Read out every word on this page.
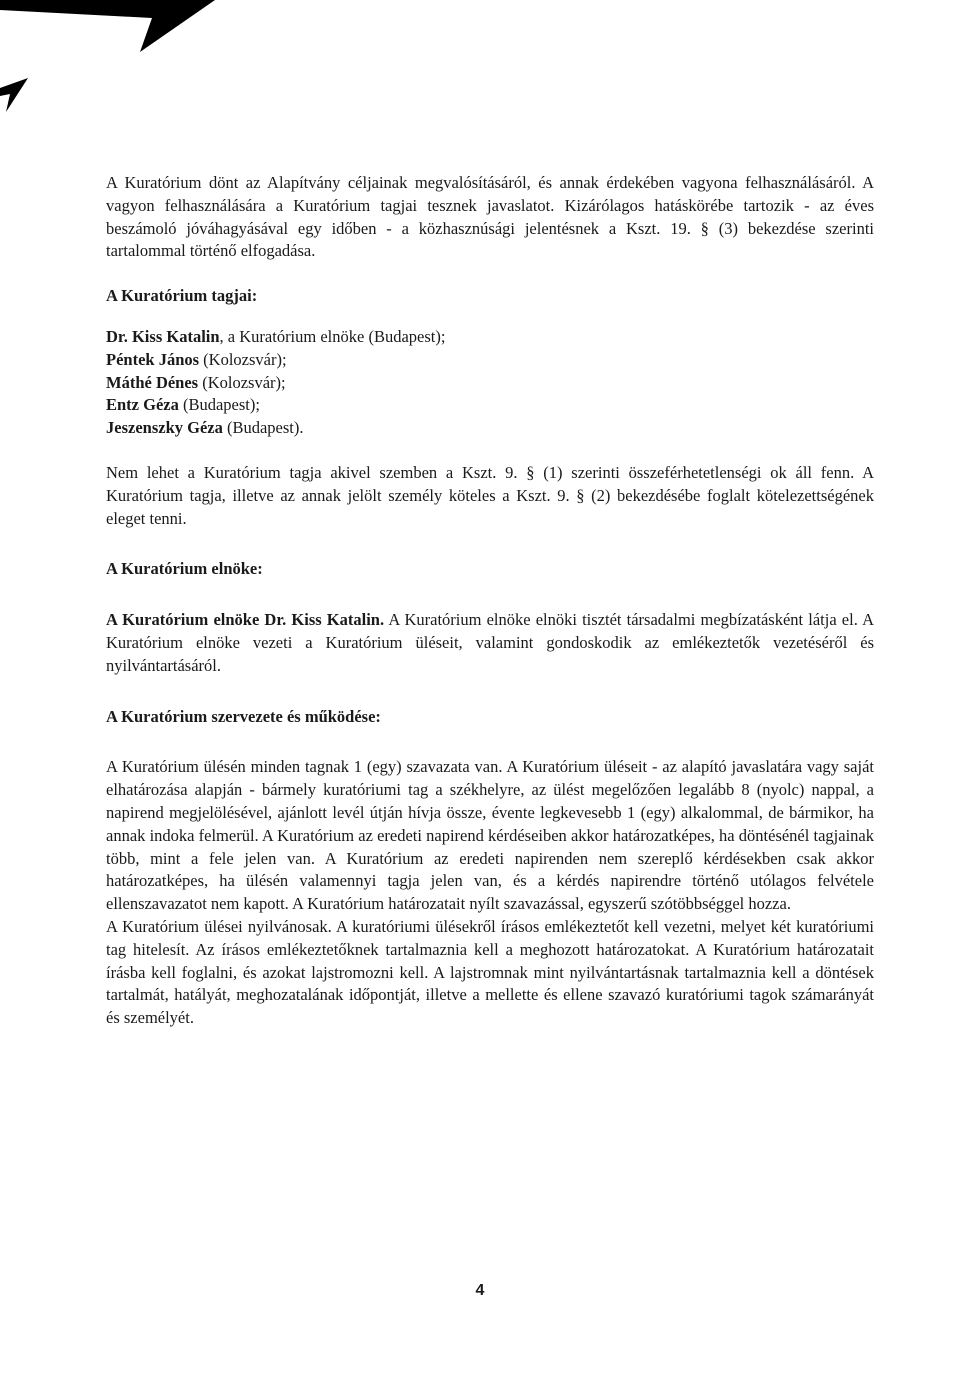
A Kuratórium dönt az Alapítvány céljainak megvalósításáról, és annak érdekében vagyona felhasználásáról. A vagyon felhasználására a Kuratórium tagjai tesznek javaslatot. Kizárólagos hatáskörébe tartozik - az éves beszámoló jóváhagyásával egy időben - a közhasznúsági jelentésnek a Kszt. 19. § (3) bekezdése szerinti tartalommal történő elfogadása.

A Kuratórium tagjai:

Dr. Kiss Katalin, a Kuratórium elnöke (Budapest);

Péntek János (Kolozsvár);

Máthé Dénes (Kolozsvár);

Entz Géza (Budapest);

Jeszenszky Géza (Budapest).

Nem lehet a Kuratórium tagja akivel szemben a Kszt. 9. § (1) szerinti összeférhetetlenségi ok áll fenn. A Kuratórium tagja, illetve az annak jelölt személy köteles a Kszt. 9. § (2) bekezdésébe foglalt kötelezettségének eleget tenni.

A Kuratórium elnöke:

A Kuratórium elnöke Dr. Kiss Katalin. A Kuratórium elnöke elnöki tisztét társadalmi megbízatásként látja el. A Kuratórium elnöke vezeti a Kuratórium üléseit, valamint gondoskodik az emlékeztetők vezetéséről és nyilvántartásáról.

A Kuratórium szervezete és működése:

A Kuratórium ülésén minden tagnak 1 (egy) szavazata van. A Kuratórium üléseit - az alapító javaslatára vagy saját elhatározása alapján - bármely kuratóriumi tag a székhelyre, az ülést megelőzően legalább 8 (nyolc) nappal, a napirend megjelölésével, ajánlott levél útján hívja össze, évente legkevesebb 1 (egy) alkalommal, de bármikor, ha annak indoka felmerül. A Kuratórium az eredeti napirend kérdéseiben akkor határozatképes, ha döntésénél tagjainak több, mint a fele jelen van. A Kuratórium az eredeti napirenden nem szereplő kérdésekben csak akkor határozatképes, ha ülésén valamennyi tagja jelen van, és a kérdés napirendre történő utólagos felvétele ellenszavazatot nem kapott. A Kuratórium határozatait nyílt szavazással, egyszerű szótöbbséggel hozza.

A Kuratórium ülései nyilvánosak. A kuratóriumi ülésekről írásos emlékeztetőt kell vezetni, melyet két kuratóriumi tag hitelesít. Az írásos emlékeztetőknek tartalmaznia kell a meghozott határozatokat. A Kuratórium határozatait írásba kell foglalni, és azokat lajstromozni kell. A lajstromnak mint nyilvántartásnak tartalmaznia kell a döntések tartalmát, hatályát, meghozatalának időpontját, illetve a mellette és ellene szavazó kuratóriumi tagok számarányát és személyét.

4
